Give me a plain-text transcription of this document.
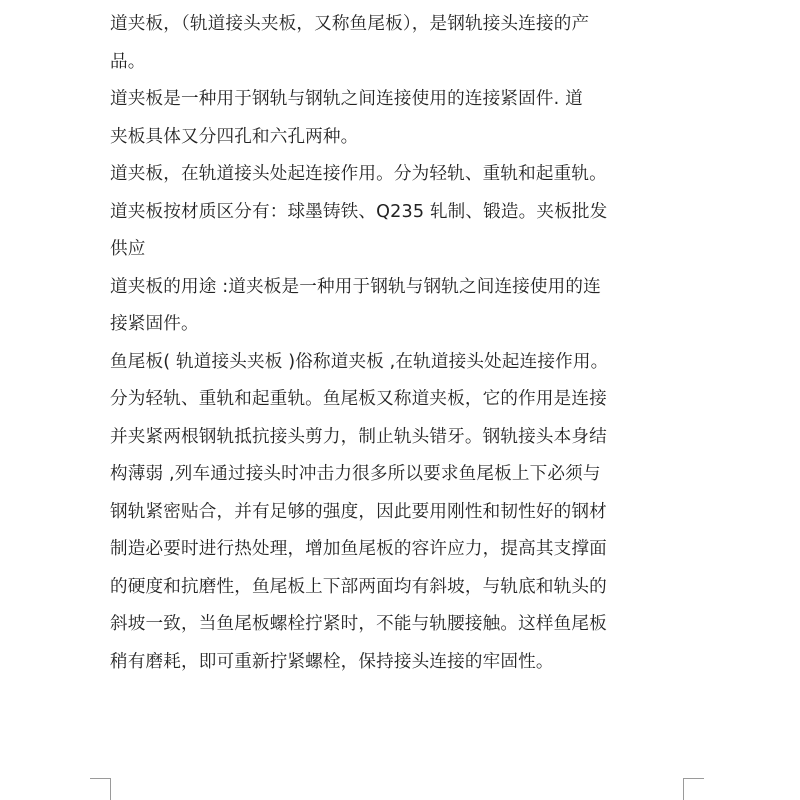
道夹板，（轨道接头夹板，又称鱼尾板），是钢轨接头连接的产
品。
道夹板是一种用于钢轨与钢轨之间连接使用的连接紧固件. 道
夹板具体又分四孔和六孔两种。
道夹板，在轨道接头处起连接作用。分为轻轨、重轨和起重轨。
道夹板按材质区分有：球墨铸铁、Q235 轧制、锻造。夹板批发
供应
道夹板的用途 :道夹板是一种用于钢轨与钢轨之间连接使用的连
接紧固件。
鱼尾板( 轨道接头夹板 )俗称道夹板 ,在轨道接头处起连接作用。
分为轻轨、重轨和起重轨。鱼尾板又称道夹板，它的作用是连接
并夹紧两根钢轨抵抗接头剪力，制止轨头错牙。钢轨接头本身结
构薄弱 ,列车通过接头时冲击力很多所以要求鱼尾板上下必须与
钢轨紧密贴合，并有足够的强度，因此要用刚性和韧性好的钢材
制造必要时进行热处理，增加鱼尾板的容许应力，提高其支撑面
的硬度和抗磨性，鱼尾板上下部两面均有斜坡，与轨底和轨头的
斜坡一致，当鱼尾板螺栓拧紧时，不能与轨腰接触。这样鱼尾板
稍有磨耗，即可重新拧紧螺栓，保持接头连接的牢固性。
